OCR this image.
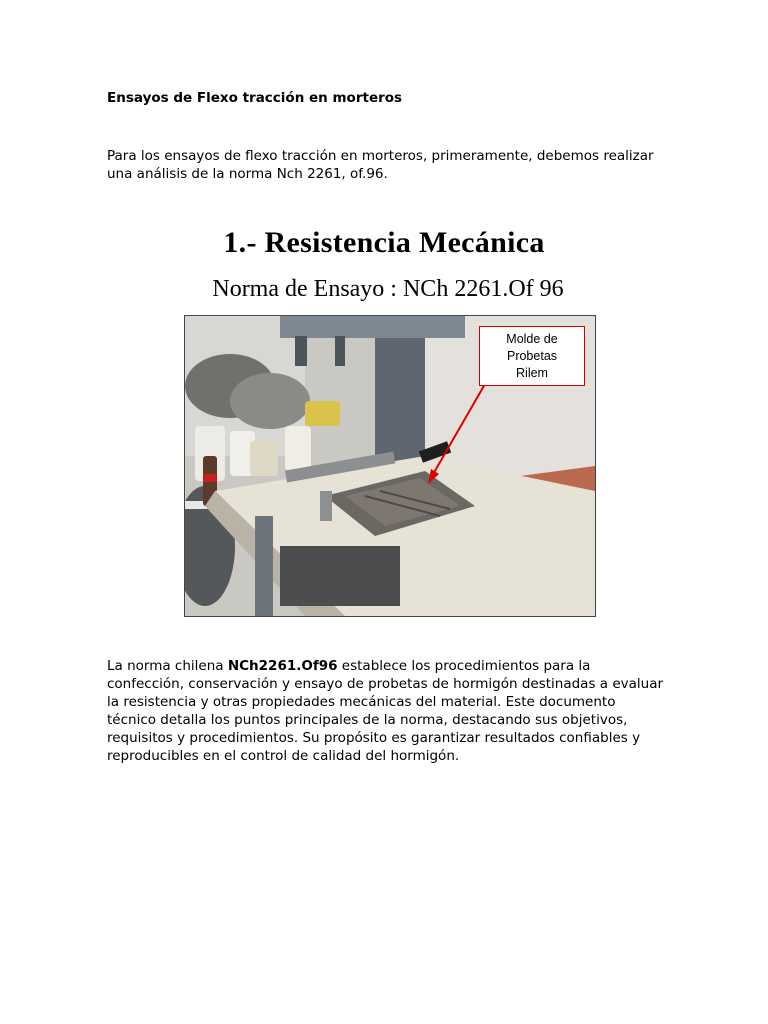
Ensayos de Flexo tracción en morteros

Para los ensayos de flexo tracción en morteros, primeramente, debemos realizar una análisis de la norma Nch 2261, of.96.

1.- Resistencia Mecánica
Norma de Ensayo : NCh 2261.Of 96
Molde de
Probetas
Rilem

La norma chilena NCh2261.Of96 establece los procedimientos para la confección, conservación y ensayo de probetas de hormigón destinadas a evaluar la resistencia y otras propiedades mecánicas del material. Este documento técnico detalla los puntos principales de la norma, destacando sus objetivos, requisitos y procedimientos. Su propósito es garantizar resultados confiables y reproducibles en el control de calidad del hormigón.
